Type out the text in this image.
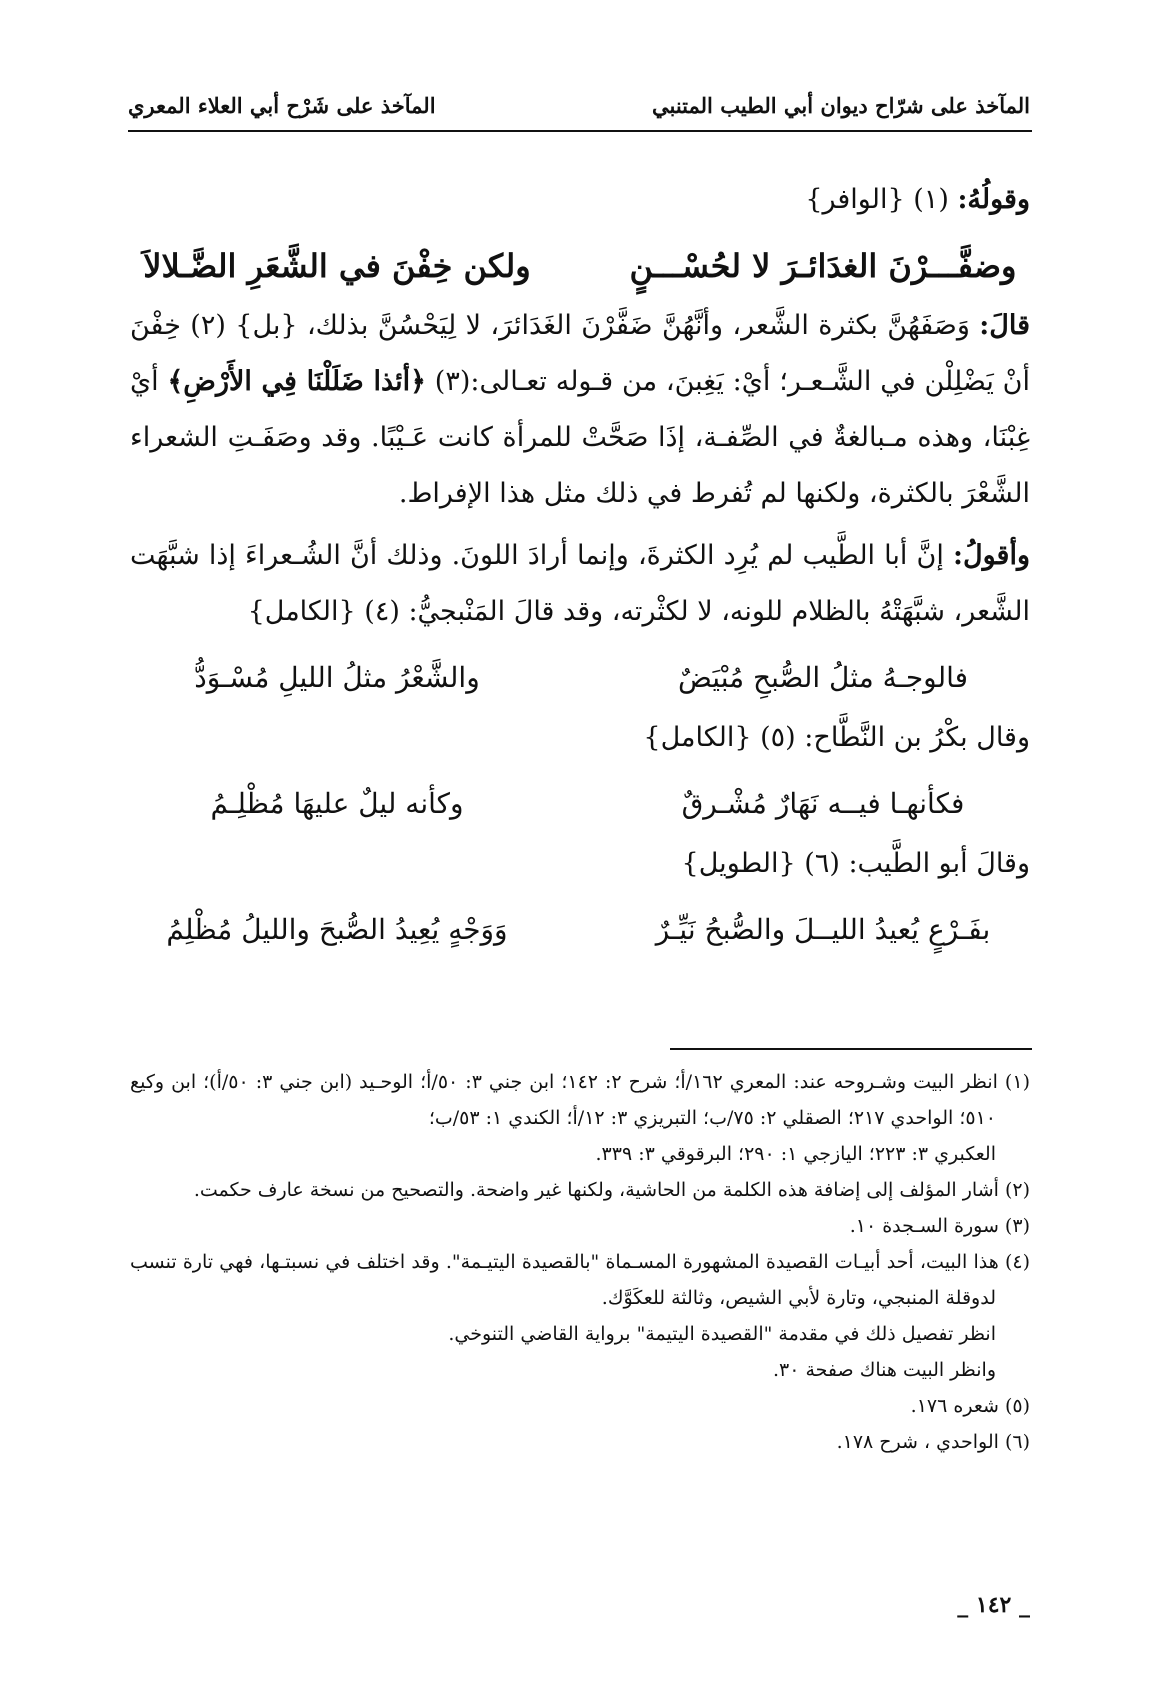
المآخذ على شرّاح ديوان أبي الطيب المتنبي
المآخذ على شَرْح أبي العلاء المعري

وقولُهُ: (١) {الوافر}

وضفَّـــرْنَ الغدَائـرَ لا لحُسْـــنٍ
ولكن خِفْنَ في الشَّعَرِ الضَّـلالاَ

قالَ: وَصَفَهُنَّ بكثرة الشَّعر، وأنَّهُنَّ ضَفَّرْنَ الغَدَائرَ، لا لِيَحْسُنَّ بذلك، {بل} (٢) خِفْنَ أنْ يَضْلِلْن في الشَّـعـر؛ أيْ: يَغِبنَ، من قـوله تعـالى:(٣) ﴿أئذا ضَلَلْنَا فِي الأَرْضِ﴾ أيْ غِبْنَا، وهذه مـبالغةٌ في الصِّفـة، إذَا صَحَّتْ للمرأة كانت عَـيْبًا. وقد وصَفَـتِ الشعراء الشَّعْرَ بالكثرة، ولكنها لم تُفرط في ذلك مثل هذا الإفراط.

وأقولُ: إنَّ أبا الطَّيب لم يُرِد الكثرةَ، وإنما أرادَ اللونَ. وذلك أنَّ الشُـعراءَ إذا شبَّهَت الشَّعر، شبَّهَتْهُ بالظلام للونه، لا لكثْرته، وقد قالَ المَنْبجيُّ: (٤) {الكامل}

فالوجـهُ مثلُ الصُّبحِ مُبْيَضٌ
والشَّعْرُ مثلُ الليلِ مُسْـوَدُّ

وقال بكْرُ بن النَّطَّاح: (٥) {الكامل}

فكأنهـا فيــه نَهَارٌ مُشْـرقٌ
وكأنه ليلٌ عليهَا مُظْلِـمُ

وقالَ أبو الطَّيب: (٦) {الطويل}

بفَـرْعٍ يُعيدُ الليــلَ والصُّبحُ نَيِّـرٌ
وَوَجْهٍ يُعِيدُ الصُّبحَ والليلُ مُظْلِمُ

(١) انظر البيت وشـروحه عند: المعري ١٦٢/أ؛ شرح ٢: ١٤٢؛ ابن جني ٣: ٥٠/أ؛ الوحـيد (ابن جني ٣: ٥٠/أ)؛ ابن وكيع ٥١٠؛ الواحدي ٢١٧؛ الصقلي ٢: ٧٥/ب؛ التبريزي ٣: ١٢/أ؛ الكندي ١: ٥٣/ب؛

العكبري ٣: ٢٢٣؛ اليازجي ١: ٢٩٠؛ البرقوقي ٣: ٣٣٩.

(٢) أشار المؤلف إلى إضافة هذه الكلمة من الحاشية، ولكنها غير واضحة. والتصحيح من نسخة عارف حكمت.

(٣) سورة السـجدة ١٠.

(٤) هذا البيت، أحد أبيـات القصيدة المشهورة المسـماة "بالقصيدة اليتيـمة". وقد اختلف في نسبتـها، فهي تارة تنسب لدوقلة المنبجي، وتارة لأبي الشيص، وثالثة للعكَوَّك.

انظر تفصيل ذلك في مقدمة "القصيدة اليتيمة" برواية القاضي التنوخي.

وانظر البيت هناك صفحة ٣٠.

(٥) شعره ١٧٦.

(٦) الواحدي ، شرح ١٧٨.

_ ١٤٢ _
